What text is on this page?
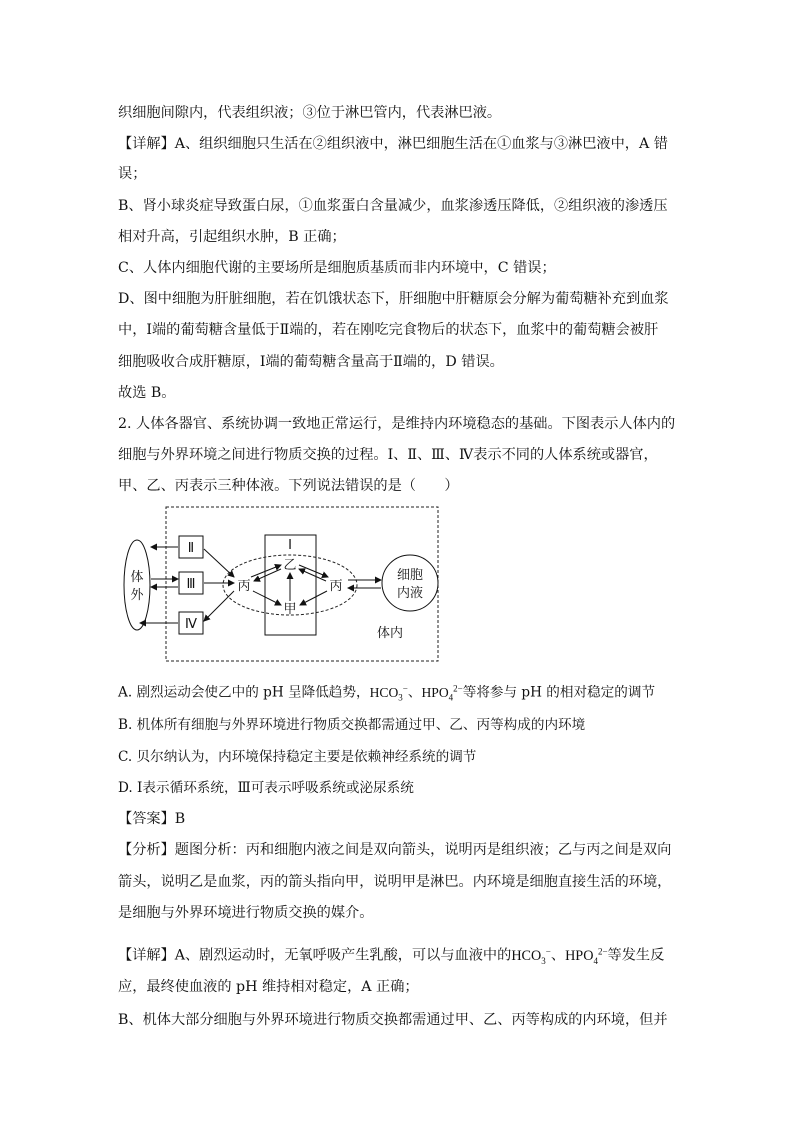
织细胞间隙内，代表组织液；③位于淋巴管内，代表淋巴液。
【详解】A、组织细胞只生活在②组织液中，淋巴细胞生活在①血浆与③淋巴液中，A 错
误；
B、肾小球炎症导致蛋白尿，①血浆蛋白含量减少，血浆渗透压降低，②组织液的渗透压
相对升高，引起组织水肿，B 正确；
C、人体内细胞代谢的主要场所是细胞质基质而非内环境中，C 错误；
D、图中细胞为肝脏细胞，若在饥饿状态下，肝细胞中肝糖原会分解为葡萄糖补充到血浆
中，Ⅰ端的葡萄糖含量低于Ⅱ端的，若在刚吃完食物后的状态下，血浆中的葡萄糖会被肝
细胞吸收合成肝糖原，Ⅰ端的葡萄糖含量高于Ⅱ端的，D 错误。
故选 B。
2. 人体各器官、系统协调一致地正常运行，是维持内环境稳态的基础。下图表示人体内的
细胞与外界环境之间进行物质交换的过程。Ⅰ、Ⅱ、Ⅲ、Ⅳ表示不同的人体系统或器官，
甲、乙、丙表示三种体液。下列说法错误的是（　　）
体
外
Ⅱ
Ⅲ
Ⅳ
Ⅰ
丙
乙
甲
丙
细胞
内液
体内
A. 剧烈运动会使乙中的 pH 呈降低趋势，$HCO_3^-$、$HPO_4^{2-}$等将参与 pH 的相对稳定的调节
B. 机体所有细胞与外界环境进行物质交换都需通过甲、乙、丙等构成的内环境
C. 贝尔纳认为，内环境保持稳定主要是依赖神经系统的调节
D. Ⅰ表示循环系统，Ⅲ可表示呼吸系统或泌尿系统
【答案】B
【分析】题图分析：丙和细胞内液之间是双向箭头，说明丙是组织液；乙与丙之间是双向
箭头，说明乙是血浆，丙的箭头指向甲，说明甲是淋巴。内环境是细胞直接生活的环境，
是细胞与外界环境进行物质交换的媒介。
【详解】A、剧烈运动时，无氧呼吸产生乳酸，可以与血液中的$HCO_3^-$、$HPO_4^{2-}$等发生反
应，最终使血液的 pH 维持相对稳定，A 正确；
B、机体大部分细胞与外界环境进行物质交换都需通过甲、乙、丙等构成的内环境，但并
